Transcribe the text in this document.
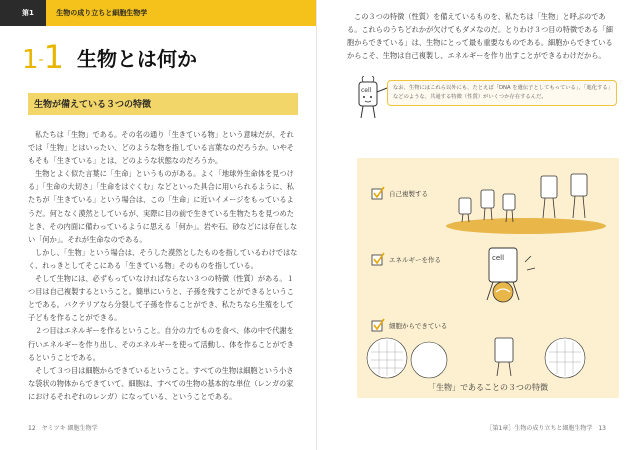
第1章
生物の成り立ちと細胞生物学
1-1 生物とは何か
生物が備えている３つの特徴

私たちは「生物」である。その名の通り「生きている物」という意味だが、それでは「生物」とはいったい、どのような物を指している言葉なのだろうか。いやそもそも「生きている」とは、どのような状態なのだろうか。

生物とよく似た言葉に「生命」というものがある。よく「地球外生命体を見つける」「生命の大切さ」「生命をはぐくむ」などといった具合に用いられるように、私たちが「生きている」という場合は、この「生命」に近いイメージをもっているようだ。何となく漠然としているが、実際に目の前で生きている生物たちを見つめたとき、その内面に備わっているように思える「何か」。岩や石、砂などには存在しない「何か」。それが生命なのである。

しかし、「生物」という場合は、そうした漠然としたものを指しているわけではなく、れっきとしてそこにある「生きている物」そのものを指している。

そして生物には、必ずもっていなければならない３つの特徴（性質）がある。１つ目は自己複製するということ。簡単にいうと、子孫を残すことができるということである。バクテリアなら分裂して子孫を作ることができ、私たちなら生殖をして子どもを作ることができる。

２つ目はエネルギーを作るということ。自分の力でものを食べ、体の中で代謝を行いエネルギーを作り出し、そのエネルギーを使って活動し、体を作ることができるということである。

そして３つ目は細胞からできているということ。すべての生物は細胞という小さな袋状の物体からできていて、細胞は、すべての生物の基本的な単位（レンガの家におけるそれぞれのレンガ）になっている、ということである。

12　ヤミツキ 細胞生物学

この３つの特徴（性質）を備えているものを、私たちは「生物」と呼ぶのである。これらのうちどれかが欠けてもダメなのだ。とりわけ３つ目の特徴である「細胞からできている」は、生物にとって最も重要なものである。細胞からできているからこそ、生物は自己複製し、エネルギーを作り出すことができるわけだから。

cell	なお、生物にはこれら以外にも、たとえば「DNA を遺伝子としてもっている」、「進化する」などのような、共通する特徴（性質）がいくつか存在するんだ。
自己複製する
エネルギーを作る	cell
細胞からできている
「生物」であることの３つの特徴
［第1章］生物の成り立ちと細胞生物学　13
